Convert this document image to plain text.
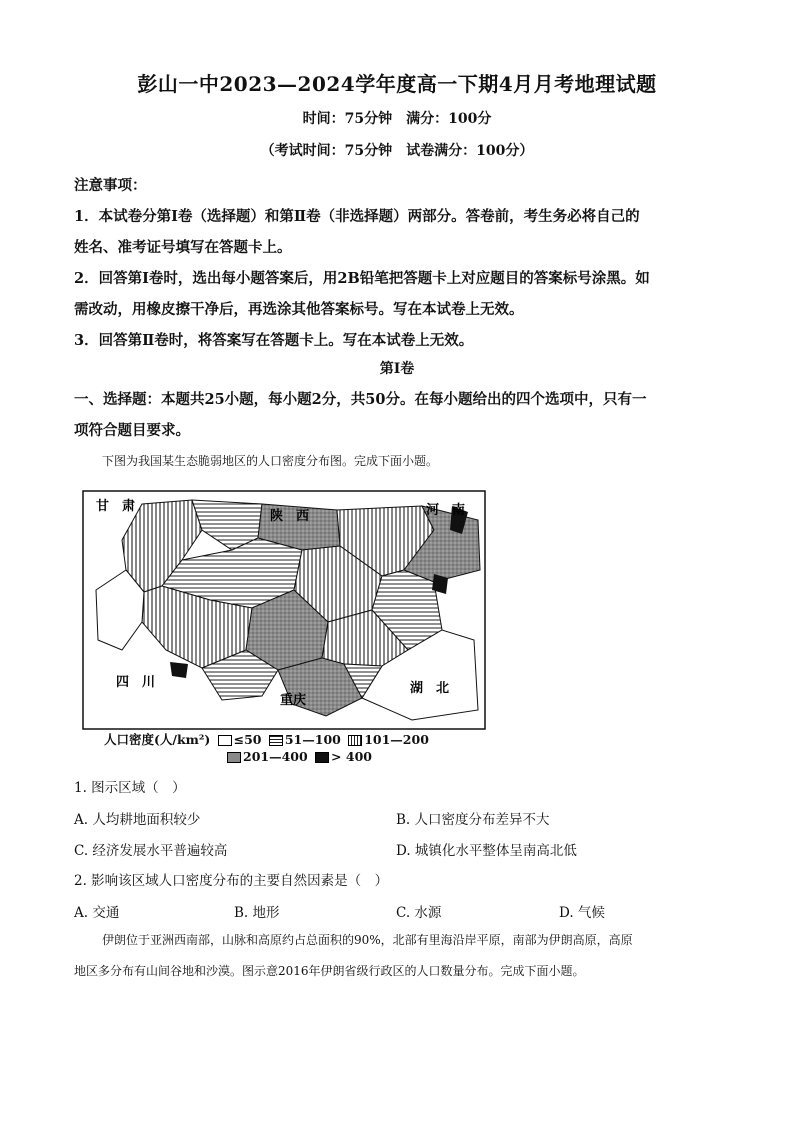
彭山一中2023—2024学年度高一下期4月月考地理试题
时间：75分钟　满分：100分
（考试时间：75分钟　试卷满分：100分）
注意事项：
1．本试卷分第Ⅰ卷（选择题）和第Ⅱ卷（非选择题）两部分。答卷前，考生务必将自己的
姓名、准考证号填写在答题卡上。
2．回答第Ⅰ卷时，选出每小题答案后，用2B铅笔把答题卡上对应题目的答案标号涂黑。如
需改动，用橡皮擦干净后，再选涂其他答案标号。写在本试卷上无效。
3．回答第Ⅱ卷时，将答案写在答题卡上。写在本试卷上无效。
第Ⅰ卷
一、选择题：本题共25小题，每小题2分，共50分。在每小题给出的四个选项中，只有一
项符合题目要求。
下图为我国某生态脆弱地区的人口密度分布图。完成下面小题。
甘　肃
陕　西	河　南
四　川
重庆
湖　北
人口密度(人/km²) ≤50 51—100 101—200
201—400 > 400
1. 图示区域（　）
A. 人均耕地面积较少	B. 人口密度分布差异不大
C. 经济发展水平普遍较高	D. 城镇化水平整体呈南高北低
2. 影响该区域人口密度分布的主要自然因素是（　）
A. 交通	B. 地形	C. 水源	D. 气候
伊朗位于亚洲西南部，山脉和高原约占总面积的90%，北部有里海沿岸平原，南部为伊朗高原，高原
地区多分布有山间谷地和沙漠。图示意2016年伊朗省级行政区的人口数量分布。完成下面小题。
